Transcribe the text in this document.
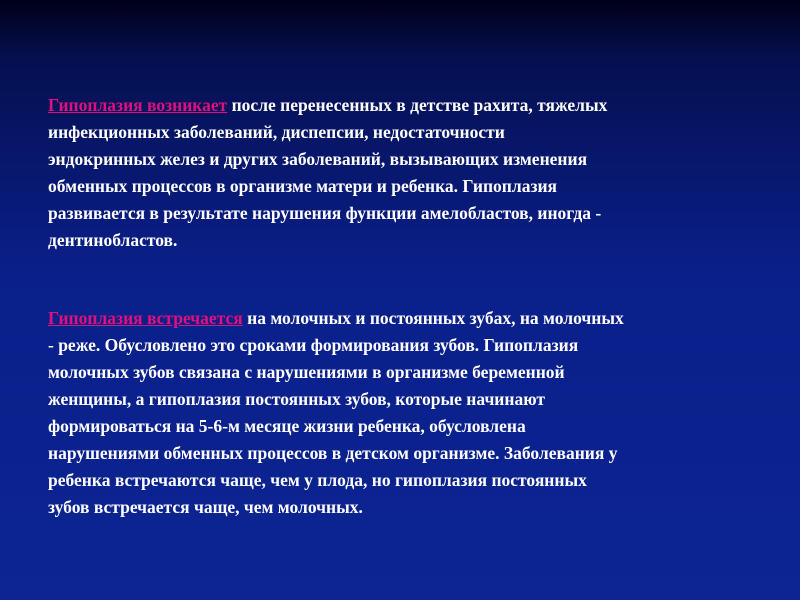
Гипоплазия возникает после перенесенных в детстве рахита, тяжелых
инфекционных заболеваний, диспепсии, недостаточности
эндокринных желез и других заболеваний, вызывающих изменения
обменных процессов в организме матери и ребенка. Гипоплазия
развивается в результате нарушения функции амелобластов, иногда -
дентинобластов.

Гипоплазия встречается на молочных и постоянных зубах, на молочных
- реже. Обусловлено это сроками формирования зубов. Гипоплазия
молочных зубов связана с нарушениями в организме беременной
женщины, а гипоплазия постоянных зубов, которые начинают
формироваться на 5-6-м месяце жизни ребенка, обусловлена
нарушениями обменных процессов в детском организме. Заболевания у
ребенка встречаются чаще, чем у плода, но гипоплазия постоянных
зубов встречается чаще, чем молочных.
